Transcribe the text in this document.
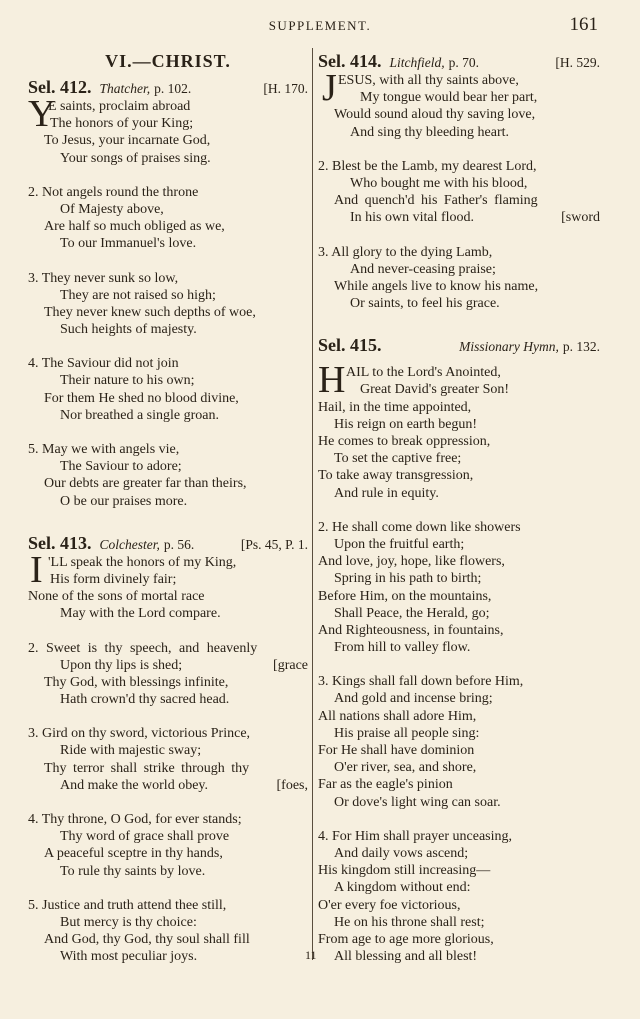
SUPPLEMENT.	161
VI.—CHRIST.
Sel. 412. Thatcher, p. 102.	[H. 170.
Y
E saints, proclaim abroad
The honors of your King;
To Jesus, your incarnate God,
Your songs of praises sing.
2. Not angels round the throne
Of Majesty above,
Are half so much obliged as we,
To our Immanuel's love.
3. They never sunk so low,
They are not raised so high;
They never knew such depths of woe,
Such heights of majesty.
4. The Saviour did not join
Their nature to his own;
For them He shed no blood divine,
Nor breathed a single groan.
5. May we with angels vie,
The Saviour to adore;
Our debts are greater far than theirs,
O be our praises more.
Sel. 413. Colchester, p. 56.	[Ps. 45, P. 1.
I 'LL speak the honors of my King,
His form divinely fair;
None of the sons of mortal race
May with the Lord compare.
2. Sweet is thy speech, and heavenly
Upon thy lips is shed;	[grace
Thy God, with blessings infinite,
Hath crown'd thy sacred head.
3. Gird on thy sword, victorious Prince,
Ride with majestic sway;
Thy terror shall strike through thy
And make the world obey.	[foes,
4. Thy throne, O God, for ever stands;
Thy word of grace shall prove
A peaceful sceptre in thy hands,
To rule thy saints by love.
5. Justice and truth attend thee still,
But mercy is thy choice:
And God, thy God, thy soul shall fill
With most peculiar joys.
Sel. 414. Litchfield, p. 70.	[H. 529.
J ESUS, with all thy saints above,
My tongue would bear her part,
Would sound aloud thy saving love,
And sing thy bleeding heart.
2. Blest be the Lamb, my dearest Lord,
Who bought me with his blood,
And quench'd his Father's flaming
In his own vital flood.	[sword
3. All glory to the dying Lamb,
And never-ceasing praise;
While angels live to know his name,
Or saints, to feel his grace.
Sel. 415.	Missionary Hymn, p. 132.
H AIL to the Lord's Anointed,
Great David's greater Son!
Hail, in the time appointed,
His reign on earth begun!
He comes to break oppression,
To set the captive free;
To take away transgression,
And rule in equity.
2. He shall come down like showers
Upon the fruitful earth;
And love, joy, hope, like flowers,
Spring in his path to birth;
Before Him, on the mountains,
Shall Peace, the Herald, go;
And Righteousness, in fountains,
From hill to valley flow.
3. Kings shall fall down before Him,
And gold and incense bring;
All nations shall adore Him,
His praise all people sing:
For He shall have dominion
O'er river, sea, and shore,
Far as the eagle's pinion
Or dove's light wing can soar.
4. For Him shall prayer unceasing,
And daily vows ascend;
His kingdom still increasing—
A kingdom without end:
O'er every foe victorious,
He on his throne shall rest;
From age to age more glorious,
All blessing and all blest!
11
